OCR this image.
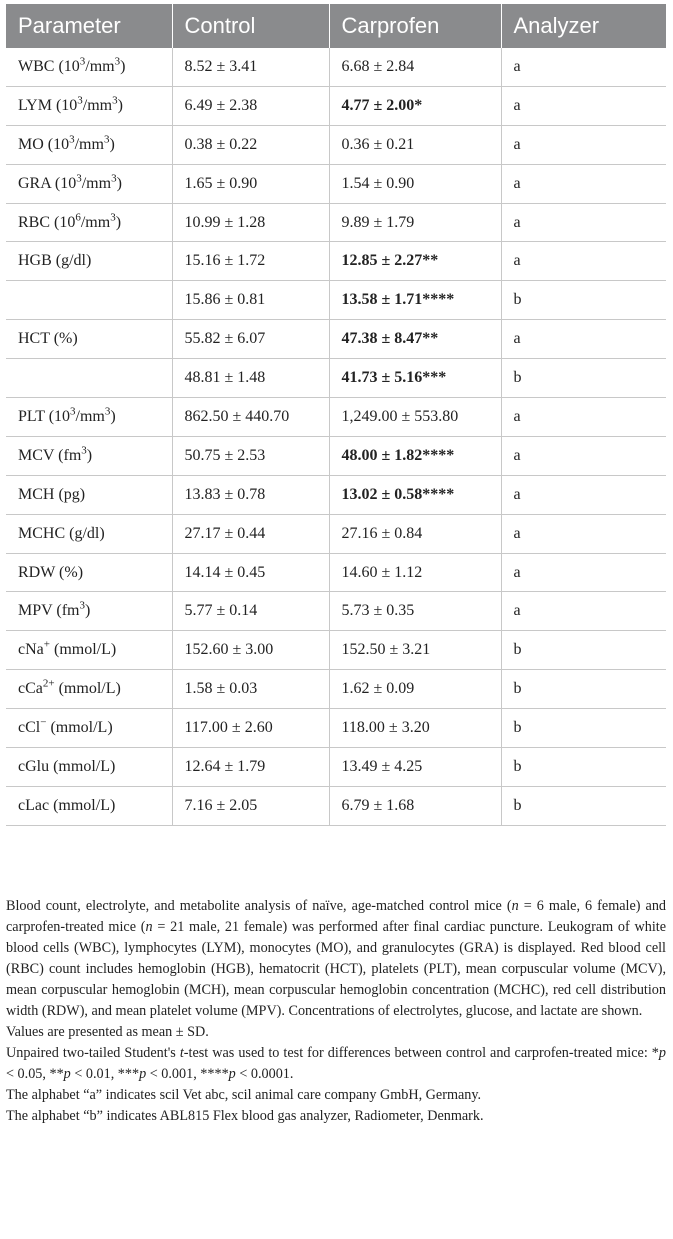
Parameter	Control	Carprofen	Analyzer
WBC $(10^3/mm^3)$	8.52 ± 3.41	6.68 ± 2.84	a
LYM $(10^3/mm^3)$	6.49 ± 2.38	4.77 ± 2.00*	a
MO $(10^3/mm^3)$	0.38 ± 0.22	0.36 ± 0.21	a
GRA $(10^3/mm^3)$	1.65 ± 0.90	1.54 ± 0.90	a
RBC $(10^6/mm^3)$	10.99 ± 1.28	9.89 ± 1.79	a
HGB (g/dl)	15.16 ± 1.72	12.85 ± 2.27**	a
	15.86 ± 0.81	13.58 ± 1.71****	b
HCT (%)	55.82 ± 6.07	47.38 ± 8.47**	a
	48.81 ± 1.48	41.73 ± 5.16***	b
PLT $(10^3/mm^3)$	862.50 ± 440.70	1,249.00 ± 553.80	a
MCV $(fm^3)$	50.75 ± 2.53	48.00 ± 1.82****	a
MCH (pg)	13.83 ± 0.78	13.02 ± 0.58****	a
MCHC (g/dl)	27.17 ± 0.44	27.16 ± 0.84	a
RDW (%)	14.14 ± 0.45	14.60 ± 1.12	a
MPV $(fm^3)$	5.77 ± 0.14	5.73 ± 0.35	a
cNa+ (mmol/L)	152.60 ± 3.00	152.50 ± 3.21	b
cCa$^{2+}$ (mmol/L)	1.58 ± 0.03	1.62 ± 0.09	b
cCl− (mmol/L)	117.00 ± 2.60	118.00 ± 3.20	b
cGlu (mmol/L)	12.64 ± 1.79	13.49 ± 4.25	b
cLac (mmol/L)	7.16 ± 2.05	6.79 ± 1.68	b

Blood count, electrolyte, and metabolite analysis of naïve, age-matched control mice (n = 6 male, 6 female) and carprofen-treated mice (n = 21 male, 21 female) was performed after final cardiac puncture. Leukogram of white blood cells (WBC), lymphocytes (LYM), monocytes (MO), and granulocytes (GRA) is displayed. Red blood cell (RBC) count includes hemoglobin (HGB), hematocrit (HCT), platelets (PLT), mean corpuscular volume (MCV), mean corpuscular hemoglobin (MCH), mean corpuscular hemoglobin concentration (MCHC), red cell distribution width (RDW), and mean platelet volume (MPV). Concentrations of electrolytes, glucose, and lactate are shown.

Values are presented as mean ± SD.

Unpaired two-tailed Student's t-test was used to test for differences between control and carprofen-treated mice: *p < 0.05, **p < 0.01, ***p < 0.001, ****p < 0.0001.

The alphabet “a” indicates scil Vet abc, scil animal care company GmbH, Germany.

The alphabet “b” indicates ABL815 Flex blood gas analyzer, Radiometer, Denmark.
